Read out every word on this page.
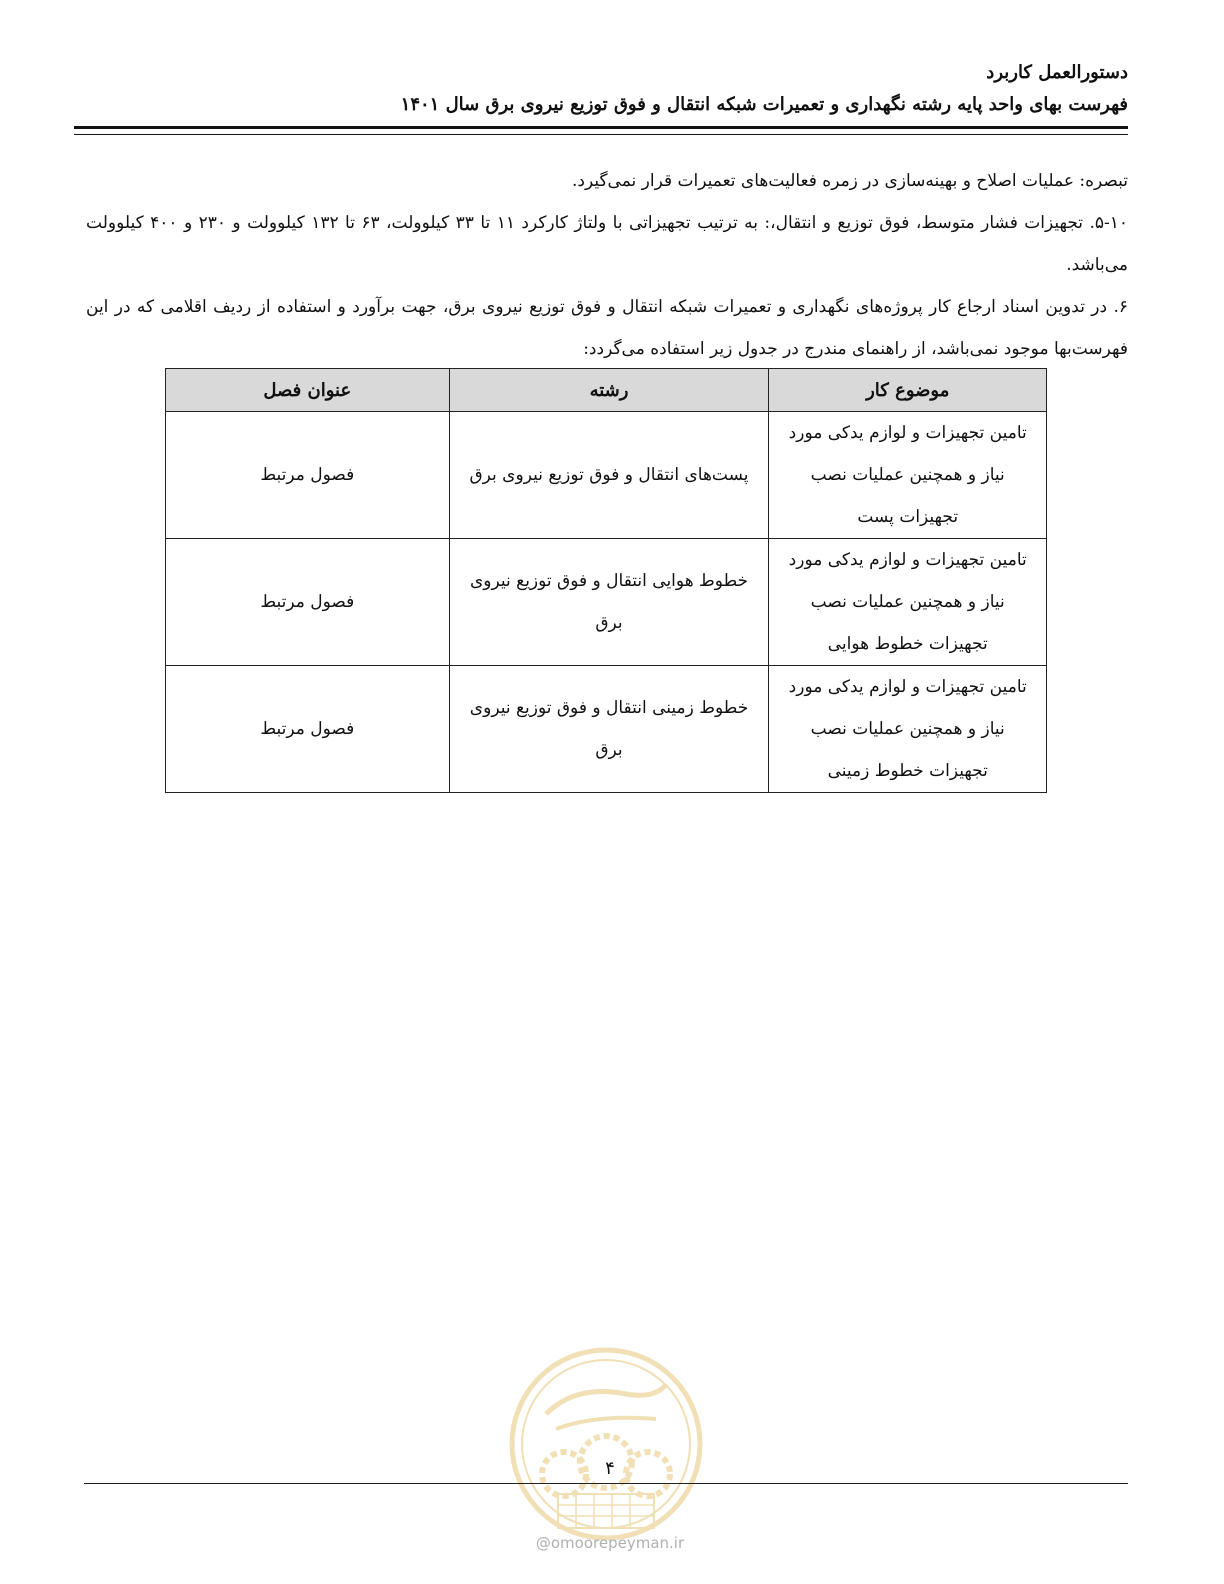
دستورالعمل کاربرد
فهرست بهای واحد پایه رشته نگهداری و تعمیرات شبکه انتقال و فوق توزیع نیروی برق سال ۱۴۰۱

تبصره: عملیات اصلاح و بهینه‌سازی در زمره فعالیت‌های تعمیرات قرار نمی‌گیرد.

۵-۱۰. تجهیزات فشار متوسط، فوق توزیع و انتقال،: به ترتیب تجهیزاتی با ولتاژ کارکرد ۱۱ تا ۳۳ کیلوولت، ۶۳ تا ۱۳۲ کیلوولت و ۲۳۰ و ۴۰۰ کیلوولت می‌باشد.

۶. در تدوین اسناد ارجاع کار پروژه‌های نگهداری و تعمیرات شبکه انتقال و فوق توزیع نیروی برق، جهت برآورد و استفاده از ردیف اقلامی که در این فهرست‌بها موجود نمی‌باشد، از راهنمای مندرج در جدول زیر استفاده می‌گردد:

موضوع کار	رشته	عنوان فصل
تامین تجهیزات و لوازم یدکی مورد نیاز و همچنین عملیات نصب تجهیزات پست	پست‌های انتقال و فوق توزیع نیروی برق	فصول مرتبط
تامین تجهیزات و لوازم یدکی مورد نیاز و همچنین عملیات نصب تجهیزات خطوط هوایی	خطوط هوایی انتقال و فوق توزیع نیروی برق	فصول مرتبط
تامین تجهیزات و لوازم یدکی مورد نیاز و همچنین عملیات نصب تجهیزات خطوط زمینی	خطوط زمینی انتقال و فوق توزیع نیروی برق	فصول مرتبط
@omoorepeyman.ir
۴
